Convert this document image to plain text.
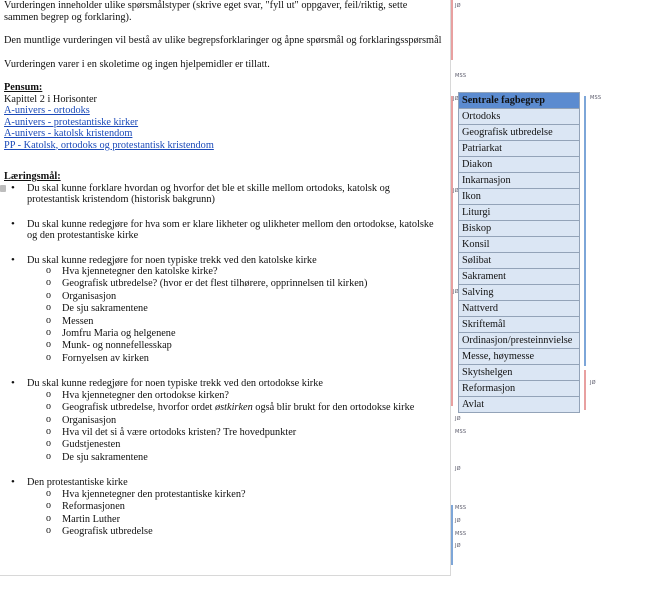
Vurderingen inneholder ulike spørsmålstyper (skrive eget svar, "fyll ut" oppgaver, feil/riktig, sette sammen begrep og forklaring).

Den muntlige vurderingen vil bestå av ulike begrepsforklaringer og åpne spørsmål og forklaringsspørsmål

Vurderingen varer i en skoletime og ingen hjelpemidler er tillatt.

Pensum:

Kapittel 2 i Horisonter

A-univers - ortodoks
A-univers - protestantiske kirker
A-univers - katolsk kristendom
PP - Katolsk, ortodoks og protestantisk kristendom

Læringsmål:

• Du skal kunne forklare hvordan og hvorfor det ble et skille mellom ortodoks, katolsk og protestantisk kristendom (historisk bakgrunn)
• Du skal kunne redegjøre for hva som er klare likheter og ulikheter mellom den ortodokse, katolske og den protestantiske kirke
• Du skal kunne redegjøre for noen typiske trekk ved den katolske kirke
o Hva kjennetegner den katolske kirke?
o Geografisk utbredelse? (hvor er det flest tilhørere, opprinnelsen til kirken)
o Organisasjon
o De sju sakramentene
o Messen
o Jomfru Maria og helgenene
o Munk- og nonnefellesskap
o Fornyelsen av kirken
• Du skal kunne redegjøre for noen typiske trekk ved den ortodokse kirke
o Hva kjennetegner den ortodokse kirken?
o Geografisk utbredelse, hvorfor ordet østkirken også blir brukt for den ortodokse kirke
o Organisasjon
o Hva vil det si å være ortodoks kristen? Tre hovedpunkter
o Gudstjenesten
o De sju sakramentene
• Den protestantiske kirke
o Hva kjennetegner den protestantiske kirken?
o Reformasjonen
o Martin Luther
o Geografisk utbredelse
JØ
MSS
JØ	MSS
JØ
JØ
JØ
JØ
MSS
JØ
MSS
JØ
MSS
JØ
Sentrale fagbegrep
Ortodoks
Geografisk utbredelse
Patriarkat
Diakon
Inkarnasjon
Ikon
Liturgi
Biskop
Konsil
Sølibat
Sakrament
Salving
Nattverd
Skriftemål
Ordinasjon/presteinnvielse
Messe, høymesse
Skytshelgen
Reformasjon
Avlat
